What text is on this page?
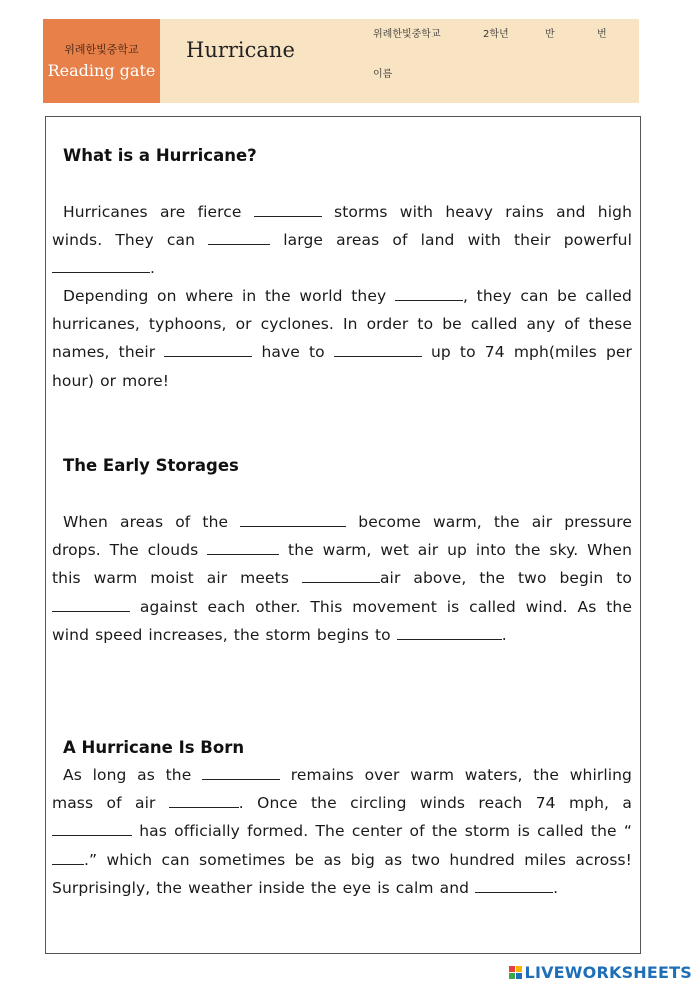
위례한빛중학교
Reading gate
Hurricane
위례한빛중학교	2학년	반	번
이름
What is a Hurricane?
Hurricanes are fierce	storms with heavy rains and high winds. They can	large areas of land with their powerful .
Depending on where in the world they	, they can be called hurricanes, typhoons, or cyclones. In order to be called any of these names, their	have to	up to 74 mph(miles per hour) or more!
The Early Storages
When areas of the	become warm, the air pressure drops. The clouds	the warm, wet air up into the sky. When this warm moist air meets	air above, the two begin to  against each other. This movement is called wind. As the wind speed increases, the storm begins to	.
A Hurricane Is Born
As long as the	remains over warm waters, the whirling mass of air	. Once the circling winds reach 74 mph, a  has officially formed. The center of the storm is called the “.” which can sometimes be as big as two hundred miles across! Surprisingly, the weather inside the eye is calm and	.
LIVEWORKSHEETS
